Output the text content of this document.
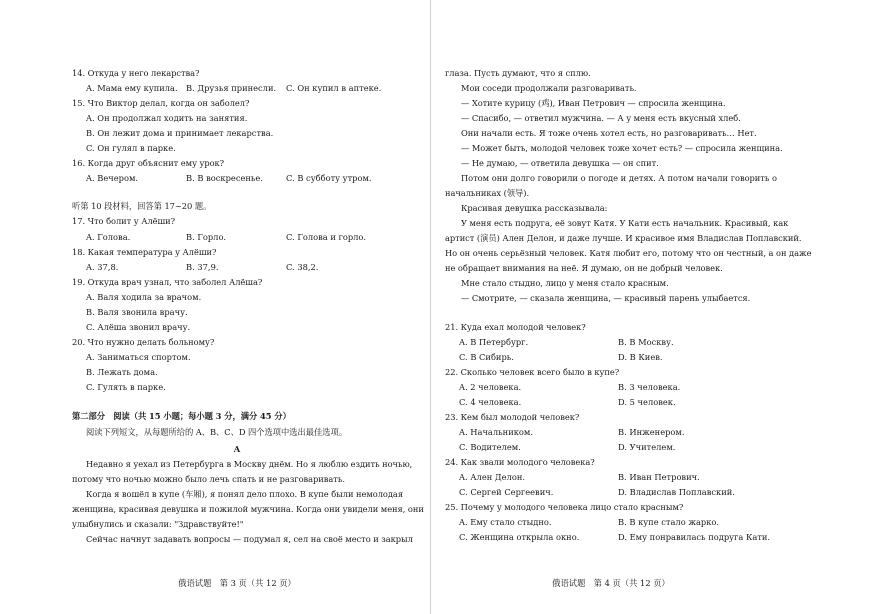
14. Откуда у него лекарства?
A. Мама ему купила. B. Друзья принесли. C. Он купил в аптеке.
15. Что Виктор делал, когда он заболел?
A. Он продолжал ходить на занятия.
B. Он лежит дома и принимает лекарства.
C. Он гулял в парке.
16. Когда друг объяснит ему урок?
A. Вечером.	B. В воскресенье.	C. В субботу утром.
听第 10 段材料，回答第 17~20 题。
17. Что болит у Алёши?
A. Голова.	B. Горло.	C. Голова и горло.
18. Какая температура у Алёши?
A. 37,8.	B. 37,9.	C. 38,2.
19. Откуда врач узнал, что заболел Алёша?
A. Валя ходила за врачом.
B. Валя звонила врачу.
C. Алёша звонил врачу.
20. Что нужно делать больному?
A. Заниматься спортом.
B. Лежать дома.
C. Гулять в парке.
第二部分　阅读（共 15 小题；每小题 3 分，满分 45 分）
阅读下列短文，从每题所给的 A、B、C、D 四个选项中选出最佳选项。
A
Недавно я уехал из Петербурга в Москву днём. Но я люблю ездить ночью,
потому что ночью можно было лечь спать и не разговаривать.
Когда я вошёл в купе (车厢), я понял дело плохо. В купе были немолодая
женщина, красивая девушка и пожилой мужчина. Когда они увидели меня, они
улыбнулись и сказали: "Здравствуйте!"
Сейчас начнут задавать вопросы — подумал я, сел на своё место и закрыл
俄语试题　第 3 页（共 12 页）
глаза. Пусть думают, что я сплю.
Мои соседи продолжали разговаривать.
— Хотите курицу (鸡), Иван Петрович — спросила женщина.
— Спасибо, — ответил мужчина. — А у меня есть вкусный хлеб.
Они начали есть. Я тоже очень хотел есть, но разговаривать… Нет.
— Может быть, молодой человек тоже хочет есть? — спросила женщина.
— Не думаю, — ответила девушка — он спит.
Потом они долго говорили о погоде и детях. А потом начали говорить о
начальниках (领导).
Красивая девушка рассказывала:
У меня есть подруга, её зовут Катя. У Кати есть начальник. Красивый, как
артист (演员) Ален Делон, и даже лучше. И красивое имя Владислав Поплавский.
Но он очень серьёзный человек. Катя любит его, потому что он честный, а он даже
не обращает внимания на неё. Я думаю, он не добрый человек.
Мне стало стыдно, лицо у меня стало красным.
— Смотрите, — сказала женщина, — красивый парень улыбается.
21. Куда ехал молодой человек?
A. В Петербург.	B. В Москву.
C. В Сибирь.	D. В Киев.
22. Сколько человек всего было в купе?
A. 2 человека.	B. 3 человека.
C. 4 человека.	D. 5 человек.
23. Кем был молодой человек?
A. Начальником.	B. Инженером.
C. Водителем.	D. Учителем.
24. Как звали молодого человека?
A. Ален Делон.	B. Иван Петрович.
C. Сергей Сергеевич.	D. Владислав Поплавский.
25. Почему у молодого человека лицо стало красным?
A. Ему стало стыдно.	B. В купе стало жарко.
C. Женщина открыла окно.	D. Ему понравилась подруга Кати.
俄语试题　第 4 页（共 12 页）
